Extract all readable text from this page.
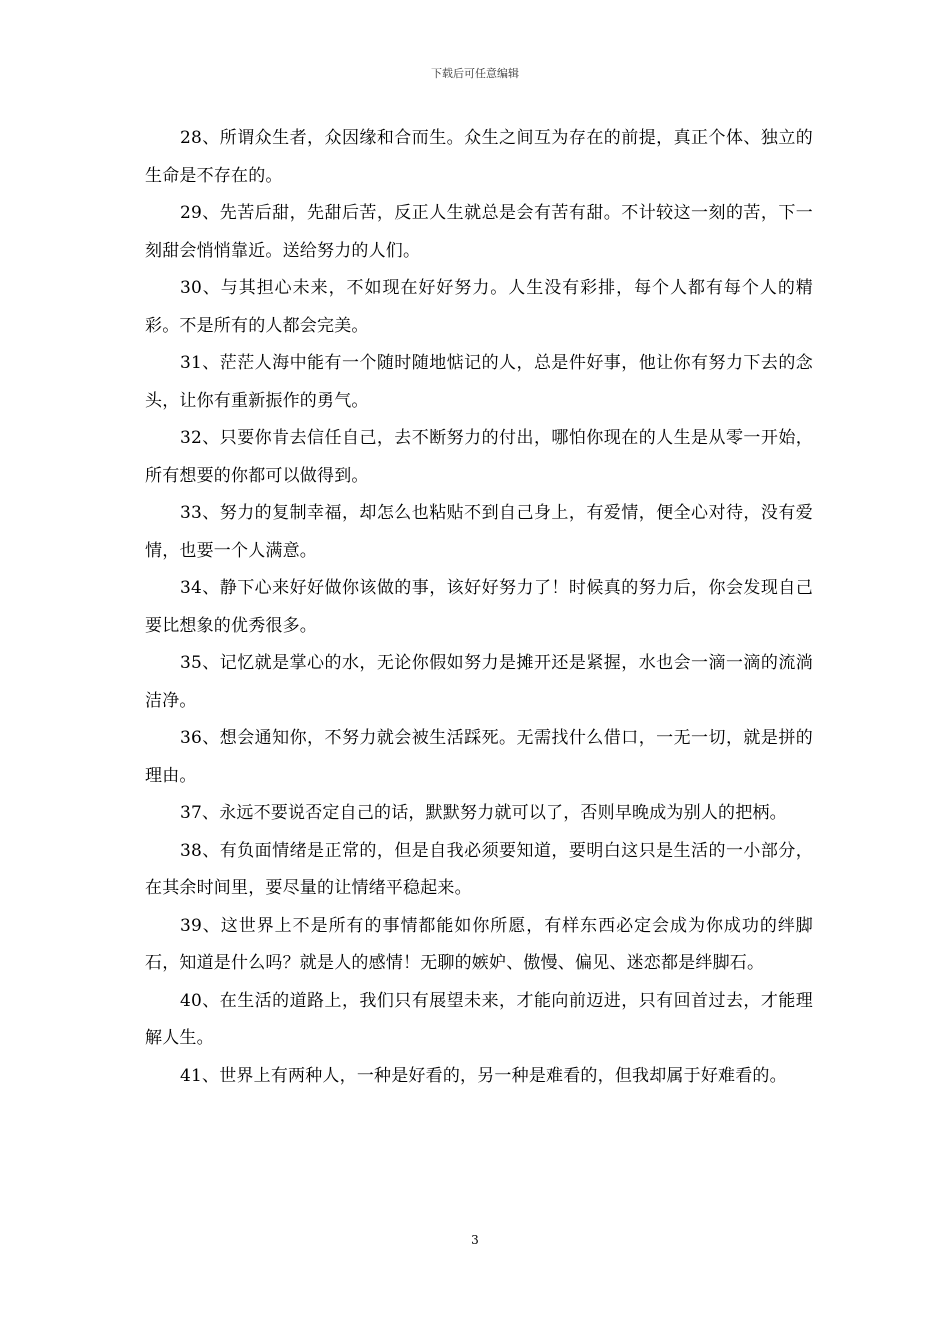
下载后可任意编辑

28、所谓众生者，众因缘和合而生。众生之间互为存在的前提，真正个体、独立的生命是不存在的。

29、先苦后甜，先甜后苦，反正人生就总是会有苦有甜。不计较这一刻的苦，下一刻甜会悄悄靠近。送给努力的人们。

30、与其担心未来，不如现在好好努力。人生没有彩排，每个人都有每个人的精彩。不是所有的人都会完美。

31、茫茫人海中能有一个随时随地惦记的人，总是件好事，他让你有努力下去的念头，让你有重新振作的勇气。

32、只要你肯去信任自己，去不断努力的付出，哪怕你现在的人生是从零一开始，所有想要的你都可以做得到。

33、努力的复制幸福，却怎么也粘贴不到自己身上，有爱情，便全心对待，没有爱情，也要一个人满意。

34、静下心来好好做你该做的事，该好好努力了！时候真的努力后，你会发现自己要比想象的优秀很多。

35、记忆就是掌心的水，无论你假如努力是摊开还是紧握，水也会一滴一滴的流淌洁净。

36、想会通知你，不努力就会被生活踩死。无需找什么借口，一无一切，就是拼的理由。

37、永远不要说否定自己的话，默默努力就可以了，否则早晚成为别人的把柄。

38、有负面情绪是正常的，但是自我必须要知道，要明白这只是生活的一小部分，在其余时间里，要尽量的让情绪平稳起来。

39、这世界上不是所有的事情都能如你所愿，有样东西必定会成为你成功的绊脚石，知道是什么吗？就是人的感情！无聊的嫉妒、傲慢、偏见、迷恋都是绊脚石。

40、在生活的道路上，我们只有展望未来，才能向前迈进，只有回首过去，才能理解人生。

41、世界上有两种人，一种是好看的，另一种是难看的，但我却属于好难看的。

3
